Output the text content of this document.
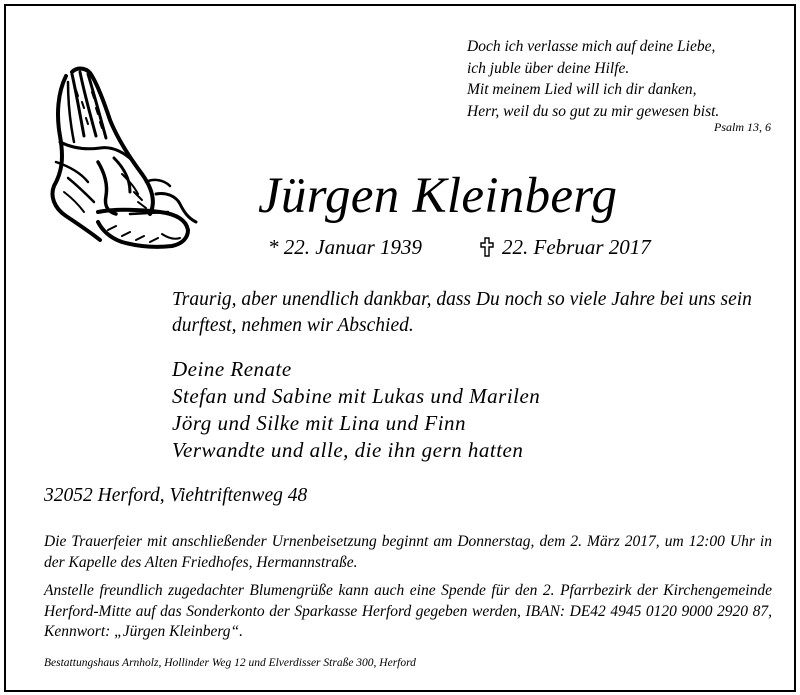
Doch ich verlasse mich auf deine Liebe,
ich juble über deine Hilfe.
Mit meinem Lied will ich dir danken,
Herr, weil du so gut zu mir gewesen bist.
Psalm 13, 6
Jürgen Kleinberg
* 22. Januar 1939	22. Februar 2017
Traurig, aber unendlich dankbar, dass Du noch so viele Jahre bei uns sein durftest, nehmen wir Abschied.
Deine Renate
Stefan und Sabine mit Lukas und Marilen
Jörg und Silke mit Lina und Finn
Verwandte und alle, die ihn gern hatten
32052 Herford, Viehtriftenweg 48
Die Trauerfeier mit anschließender Urnenbeisetzung beginnt am Donnerstag, dem 2. März 2017, um 12:00 Uhr in der Kapelle des Alten Friedhofes, Hermannstraße.
Anstelle freundlich zugedachter Blumengrüße kann auch eine Spende für den 2. Pfarrbezirk der Kirchengemeinde Herford-Mitte auf das Sonderkonto der Sparkasse Herford gegeben werden, IBAN: DE42 4945 0120 9000 2920 87, Kennwort: „Jürgen Kleinberg“.
Bestattungshaus Arnholz, Hollinder Weg 12 und Elverdisser Straße 300, Herford
